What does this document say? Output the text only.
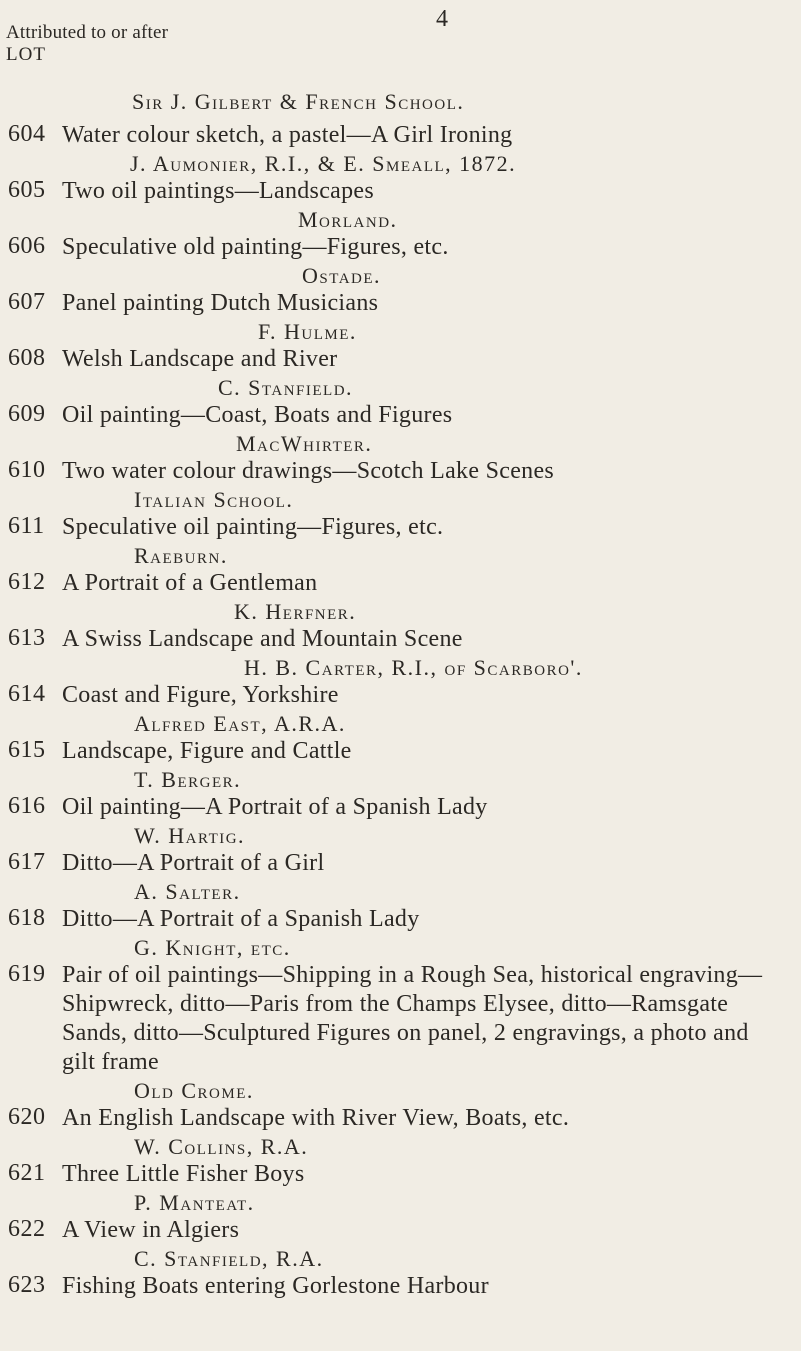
4
Attributed to or after
LOT
Sir J. Gilbert & French School.
604 Water colour sketch, a pastel—A Girl Ironing
J. Aumonier, R.I., & E. Smeall, 1872.
605 Two oil paintings—Landscapes
Morland.
606 Speculative old painting—Figures, etc.
Ostade.
607 Panel painting Dutch Musicians
F. Hulme.
608 Welsh Landscape and River
C. Stanfield.
609 Oil painting—Coast, Boats and Figures
MacWhirter.
610 Two water colour drawings—Scotch Lake Scenes
Italian School.
611 Speculative oil painting—Figures, etc.
Raeburn.
612 A Portrait of a Gentleman
K. Herfner.
613 A Swiss Landscape and Mountain Scene
H. B. Carter, R.I., of Scarboro'.
614 Coast and Figure, Yorkshire
Alfred East, A.R.A.
615 Landscape, Figure and Cattle
T. Berger.
616 Oil painting—A Portrait of a Spanish Lady
W. Hartig.
617 Ditto—A Portrait of a Girl
A. Salter.
618 Ditto—A Portrait of a Spanish Lady
G. Knight, etc.
619 Pair of oil paintings—Shipping in a Rough Sea, historical engraving—Shipwreck, ditto—Paris from the Champs Elysee, ditto—Ramsgate Sands, ditto—Sculptured Figures on panel, 2 engravings, a photo and gilt frame
Old Crome.
620 An English Landscape with River View, Boats, etc.
W. Collins, R.A.
621 Three Little Fisher Boys
P. Manteat.
622 A View in Algiers
C. Stanfield, R.A.
623 Fishing Boats entering Gorlestone Harbour
